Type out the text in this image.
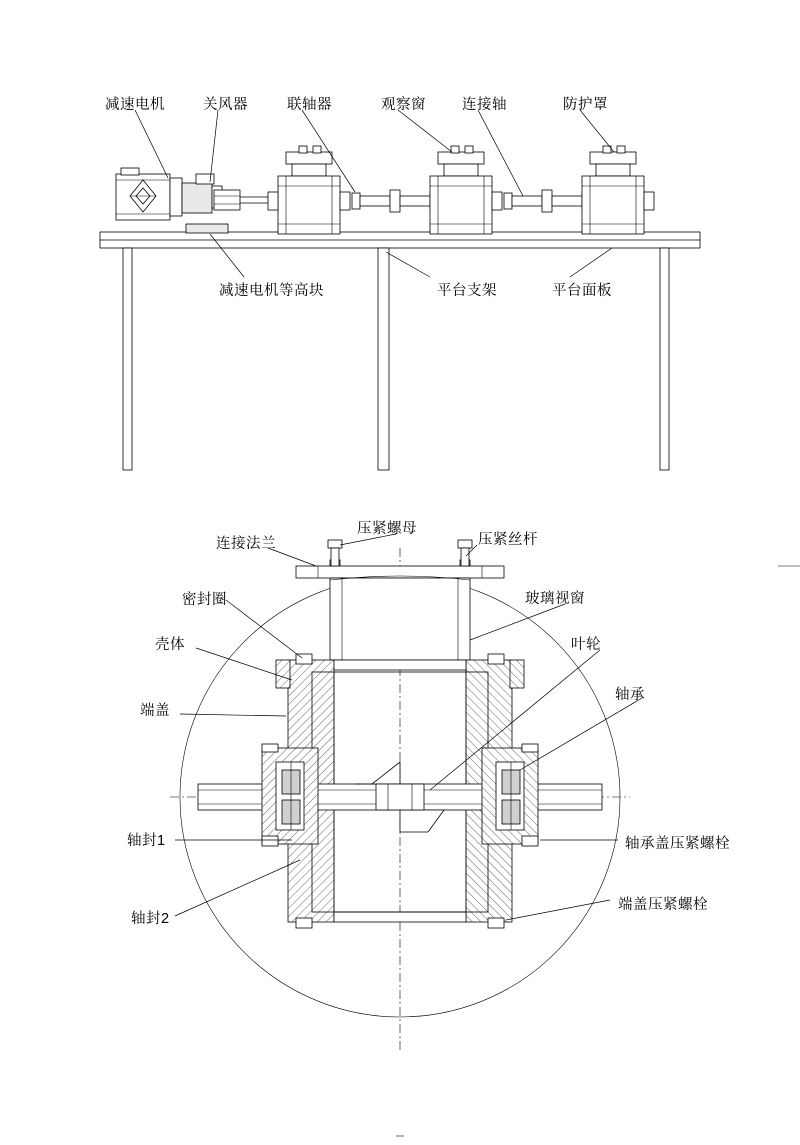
减速电机	关风器	联轴器	观察窗 连接轴	防护罩
减速电机等高块	平台支架	平台面板
连接法兰
压紧螺母
压紧丝杆
密封圈	玻璃视窗
壳体	叶轮
端盖
轴承
轴封1	轴承盖压紧螺栓
轴封2
端盖压紧螺栓
